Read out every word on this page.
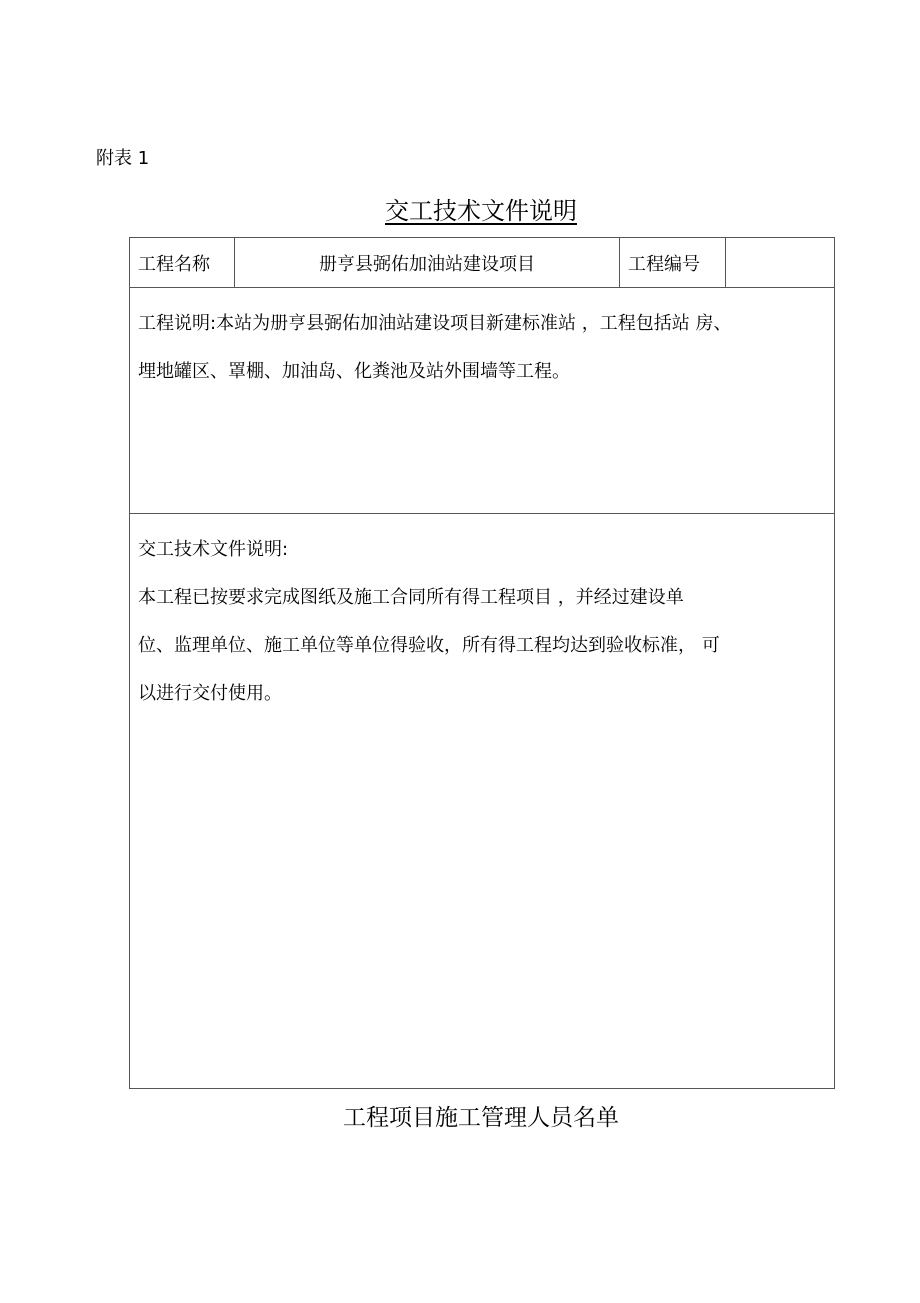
附表 1
交工技术文件说明
工程名称	册亨县弼佑加油站建设项目	工程编号	

工程说明:本站为册亨县弼佑加油站建设项目新建标准站 ，工程包括站 房、

埋地罐区、罩棚、加油岛、化粪池及站外围墙等工程。

交工技术文件说明:

本工程已按要求完成图纸及施工合同所有得工程项目 ，并经过建设单

位、监理单位、施工单位等单位得验收，所有得工程均达到验收标准， 可

以进行交付使用。

工程项目施工管理人员名单
